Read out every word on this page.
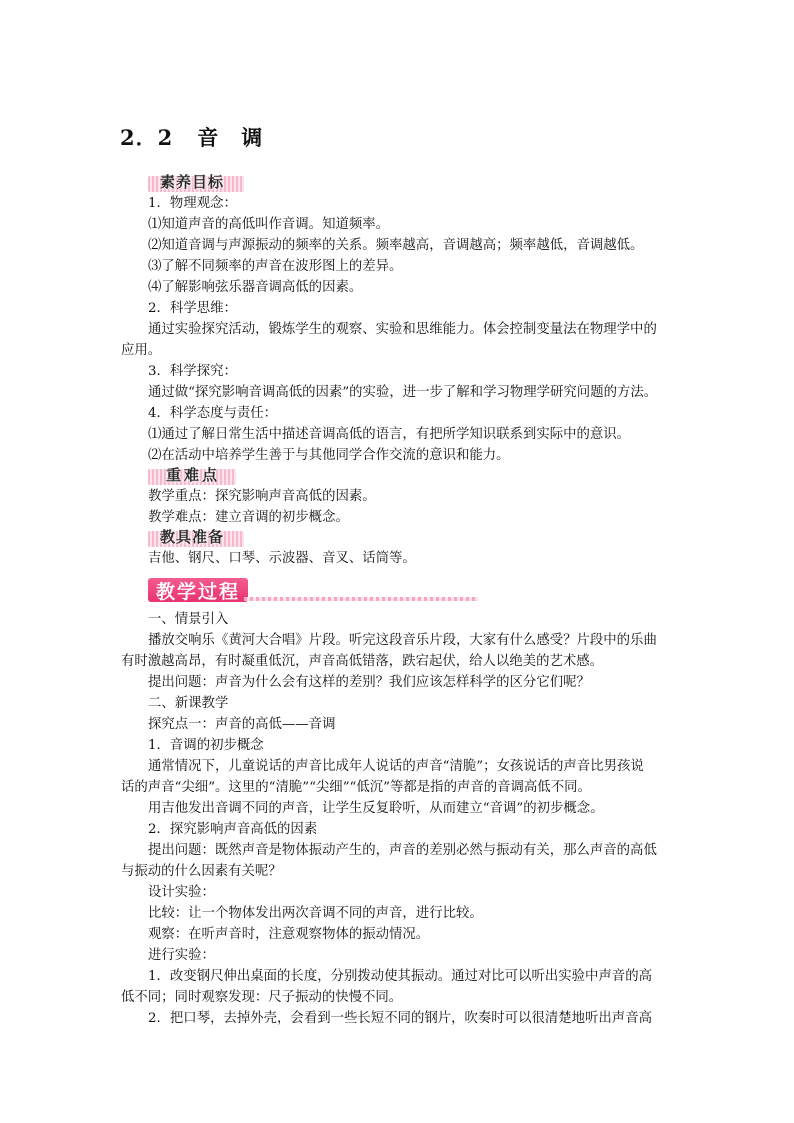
2．2 音 调
素养目标
1．物理观念：
⑴知道声音的高低叫作音调。知道频率。
⑵知道音调与声源振动的频率的关系。频率越高，音调越高；频率越低，音调越低。
⑶了解不同频率的声音在波形图上的差异。
⑷了解影响弦乐器音调高低的因素。
2．科学思维：
通过实验探究活动，锻炼学生的观察、实验和思维能力。体会控制变量法在物理学中的
应用。
3．科学探究：
通过做“探究影响音调高低的因素”的实验，进一步了解和学习物理学研究问题的方法。
4．科学态度与责任：
⑴通过了解日常生活中描述音调高低的语言，有把所学知识联系到实际中的意识。
⑵在活动中培养学生善于与其他同学合作交流的意识和能力。
重难点
教学重点：探究影响声音高低的因素。
教学难点：建立音调的初步概念。
教具准备
吉他、钢尺、口琴、示波器、音叉、话筒等。
教学过程
一、情景引入
播放交响乐《黄河大合唱》片段。听完这段音乐片段，大家有什么感受？片段中的乐曲
有时激越高昂，有时凝重低沉，声音高低错落，跌宕起伏，给人以绝美的艺术感。
提出问题：声音为什么会有这样的差别？我们应该怎样科学的区分它们呢？
二、新课教学
探究点一：声音的高低——音调
1．音调的初步概念
通常情况下，儿童说话的声音比成年人说话的声音“清脆”；女孩说话的声音比男孩说
话的声音“尖细”。这里的“清脆”“尖细”“低沉”等都是指的声音的音调高低不同。
用吉他发出音调不同的声音，让学生反复聆听，从而建立“音调”的初步概念。
2．探究影响声音高低的因素
提出问题：既然声音是物体振动产生的，声音的差别必然与振动有关，那么声音的高低
与振动的什么因素有关呢？
设计实验：
比较：让一个物体发出两次音调不同的声音，进行比较。
观察：在听声音时，注意观察物体的振动情况。
进行实验：
1．改变钢尺伸出桌面的长度，分别拨动使其振动。通过对比可以听出实验中声音的高
低不同；同时观察发现：尺子振动的快慢不同。
2．把口琴，去掉外壳，会看到一些长短不同的钢片，吹奏时可以很清楚地听出声音高
